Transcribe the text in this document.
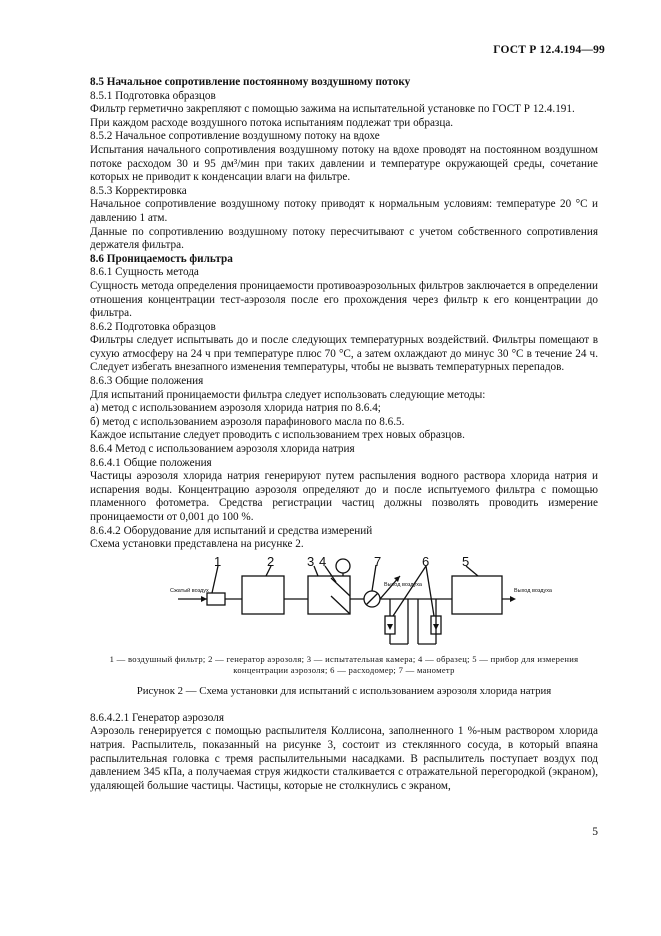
ГОСТ Р 12.4.194—99

8.5 Начальное сопротивление постоянному воздушному потоку

8.5.1 Подготовка образцов

Фильтр герметично закрепляют с помощью зажима на испытательной установке по ГОСТ Р 12.4.191.

При каждом расходе воздушного потока испытаниям подлежат три образца.

8.5.2 Начальное сопротивление воздушному потоку на вдохе

Испытания начального сопротивления воздушному потоку на вдохе проводят на постоянном воздушном потоке расходом 30 и 95 дм³/мин при таких давлении и температуре окружающей среды, сочетание которых не приводит к конденсации влаги на фильтре.

8.5.3 Корректировка

Начальное сопротивление воздушному потоку приводят к нормальным условиям: температуре 20 °С и давлению 1 атм.

Данные по сопротивлению воздушному потоку пересчитывают с учетом собственного сопротивления держателя фильтра.

8.6 Проницаемость фильтра

8.6.1 Сущность метода

Сущность метода определения проницаемости противоаэрозольных фильтров заключается в определении отношения концентрации тест-аэрозоля после его прохождения через фильтр к его концентрации до фильтра.

8.6.2 Подготовка образцов

Фильтры следует испытывать до и после следующих температурных воздействий. Фильтры помещают в сухую атмосферу на 24 ч при температуре плюс 70 °С, а затем охлаждают до минус 30 °С в течение 24 ч. Следует избегать внезапного изменения температуры, чтобы не вызвать температурных перепадов.

8.6.3 Общие положения

Для испытаний проницаемости фильтра следует использовать следующие методы:

а) метод с использованием аэрозоля хлорида натрия по 8.6.4;

б) метод с использованием аэрозоля парафинового масла по 8.6.5.

Каждое испытание следует проводить с использованием трех новых образцов.

8.6.4 Метод с использованием аэрозоля хлорида натрия

8.6.4.1 Общие положения

Частицы аэрозоля хлорида натрия генерируют путем распыления водного раствора хлорида натрия и испарения воды. Концентрацию аэрозоля определяют до и после испытуемого фильтра с помощью пламенного фотометра. Средства регистрации частиц должны позволять проводить измерение проницаемости от 0,001 до 100 %.

8.6.4.2 Оборудование для испытаний и средства измерений

Схема установки представлена на рисунке 2.

1	2	3 4	7	6	5
Сжатый воздух
Выход воздуха
Выход воздуха
1 — воздушный фильтр; 2 — генератор аэрозоля; 3 — испытательная камера; 4 — образец; 5 — прибор для измерения концентрации аэрозоля; 6 — расходомер; 7 — манометр
Рисунок 2 — Схема установки для испытаний с использованием аэрозоля хлорида натрия

8.6.4.2.1 Генератор аэрозоля

Аэрозоль генерируется с помощью распылителя Коллисона, заполненного 1 %-ным раствором хлорида натрия. Распылитель, показанный на рисунке 3, состоит из стеклянного сосуда, в который впаяна распылительная головка с тремя распылительными насадками. В распылитель поступает воздух под давлением 345 кПа, а получаемая струя жидкости сталкивается с отражательной перегородкой (экраном), удаляющей большие частицы. Частицы, которые не столкнулись с экраном,

5
